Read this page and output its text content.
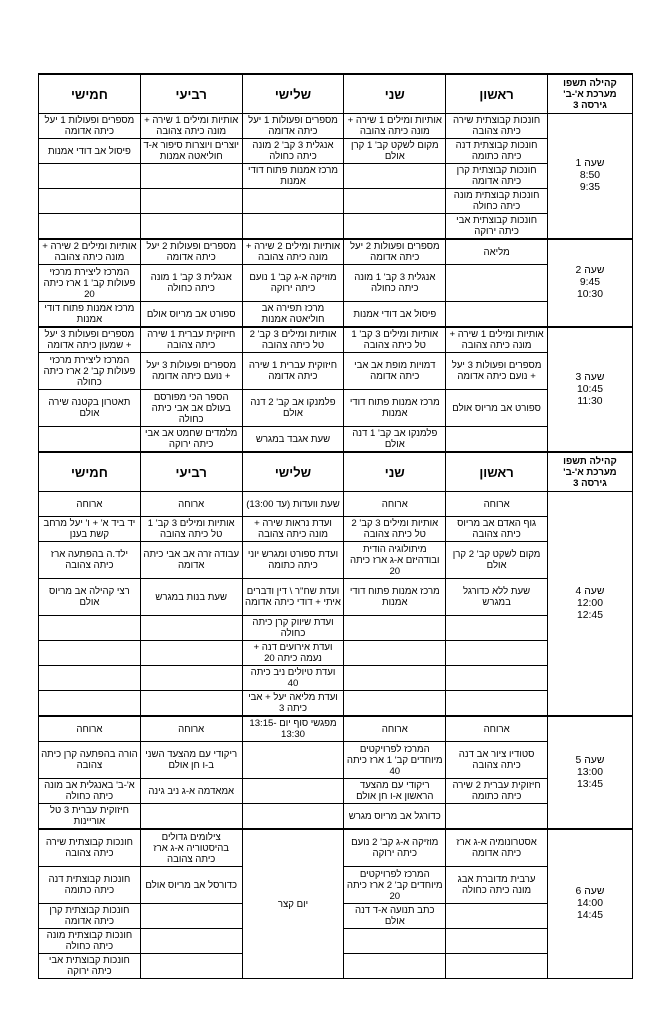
קהילה תשפו
מערכת א'-ב'
גירסה 3	ראשון	שני	שלישי	רביעי	חמישי

שעה 1
8:50
9:35	חונכות קבוצתית שירה כיתה צהובה	אותיות ומילים 1 שירה + מונה כיתה צהובה	מספרים ופעולות 1 יעל כיתה אדומה	אותיות ומילים 1 שירה + מונה כיתה צהובה	מספרים ופעולות 1 יעל כיתה אדומה
	חונכות קבוצתית דנה כיתה כתומה	מקום לשקט קב' 1 קרן אולם	אנגלית 3 קב' 2 מונה כיתה כחולה	יוצרים ויוצרות סיפור א-ד חוליאטה אמנות	פיסול אב דודי אמנות
	חונכות קבוצתית קרן כיתה אדומה		מרכז אמנות פתוח דודי אמנות		
	חונכות קבוצתית מונה כיתה כחולה				
	חונכות קבוצתית אבי כיתה ירוקה				

שעה 2
9:45
10:30	מליאה	מספרים ופעולות 2 יעל כיתה אדומה	אותיות ומילים 2 שירה + מונה כיתה צהובה	מספרים ופעולות 2 יעל כיתה אדומה	אותיות ומילים 2 שירה + מונה כיתה צהובה
		אנגלית 3 קב' 1 מונה כיתה כחולה	מוזיקה א-ג קב' 1 נועם כיתה ירוקה	אנגלית 3 קב' 1 מונה כיתה כחולה	המרכז ליצירת מרכזי פעולות קב' 1 ארז כיתה 20
		פיסול אב דודי אמנות	מרכז תפירה אב חוליאטה אמנות	ספורט אב מריוס אולם	מרכז אמנות פתוח דודי אמנות

שעה 3
10:45
11:30	אותיות ומילים 1 שירה + מונה כיתה צהובה	אותיות ומילים 3 קב' 1 טל כיתה צהובה	אותיות ומילים 3 קב' 2 טל כיתה צהובה	חיזוקית עברית 1 שירה כיתה צהובה	מספרים ופעולות 3 יעל + שמעון כיתה אדומה
	מספרים ופעולות 3 יעל + נועם כיתה אדומה	דמויות מופת אב אבי כיתה אדומה	חיזוקית עברית 1 שירה כיתה אדומה	מספרים ופעולות 3 יעל + נועם כיתה אדומה	המרכז ליצירת מרכזי פעולות קב' 2 ארז כיתה כחולה
	ספורט אב מריוס אולם	מרכז אמנות פתוח דודי אמנות	פלמנקו אב קב' 2 דנה אולם	הספר הכי מפורסם בעולם אב אבי כיתה כחולה	תאטרון בקטנה שירה אולם
		פלמנקו אב קב' 1 דנה אולם	שעת אגבד במגרש	מלמדים שחמט אב אבי כיתה ירוקה	

קהילה תשפו
מערכת א'-ב'
גירסה 3	ראשון	שני	שלישי	רביעי	חמישי

שעה 4
12:00
12:45	ארוחה	ארוחה	שעת וועדות (עד 13:00)	ארוחה	ארוחה
	גוף האדם אב מריוס כיתה צהובה	אותיות ומילים 3 קב' 2 טל כיתה צהובה	ועדת נראות שירה + מונה כיתה צהובה	אותיות ומילים 3 קב' 1 טל כיתה צהובה	יד ביד א' + ו' יעל מרחב קשת בענן
	מקום לשקט קב' 2 קרן אולם	מיתולוגיה הודית ובודהיזם א-ג ארז כיתה 20	ועדת ספורט ומגרש יוני כיתה כתומה	עבודה זרה אב אבי כיתה אדומה	ילד.ה בהפתעה ארז כיתה צהובה
	שעת ללא כדורגל במגרש	מרכז אמנות פתוח דודי אמנות	ועדת שח"ר \ דין ודברים איתי + דודי כיתה אדומה	שעת בנות במגרש	רצי קהילה אב מריוס אולם
			ועדת שיווק קרן כיתה כחולה		
			ועדת אירועים דנה + נעמה כיתה 20		
			ועדת טיולים ניב כיתה 40		
			ועדת מליאה יעל + אבי כיתה 3		

שעה 5
13:00
13:45	ארוחה	ארוחה	מפגשי סוף יום 13:15-13:30	ארוחה	ארוחה
	סטודיו ציור אב דנה כיתה צהובה	המרכז לפרויקטים מיוחדים קב' 1 ארז כיתה 40		ריקודי עם מהצעד השני ב-ו חן אולם	הורה בהפתעה קרן כיתה צהובה
	חיזוקית עברית 2 שירה כיתה כתומה	ריקודי עם מהצעד הראשון א-ו חן אולם		אמאדמה א-ג ניב גינה	א'-ב' באנגלית אב מונה כיתה כחולה
		כדורגל אב מריוס מגרש			חיזוקית עברית 3 טל אוריינות

שעה 6
14:00
14:45	אסטרונומיה א-ג ארז כיתה אדומה	מוזיקה א-ג קב' 2 נועם כיתה ירוקה	יום קצר	צילומים גדולים בהיסטוריה א-ג ארז כיתה צהובה	חונכות קבוצתית שירה כיתה צהובה
	ערבית מדוברת אבג מונה כיתה כחולה	המרכז לפרויקטים מיוחדים קב' 2 ארז כיתה 20		כדורסל אב מריוס אולם	חונכות קבוצתית דנה כיתה כתומה
		כתב תנועה א-ד דנה אולם			חונכות קבוצתית קרן כיתה אדומה
					חונכות קבוצתית מונה כיתה כחולה
					חונכות קבוצתית אבי כיתה ירוקה
